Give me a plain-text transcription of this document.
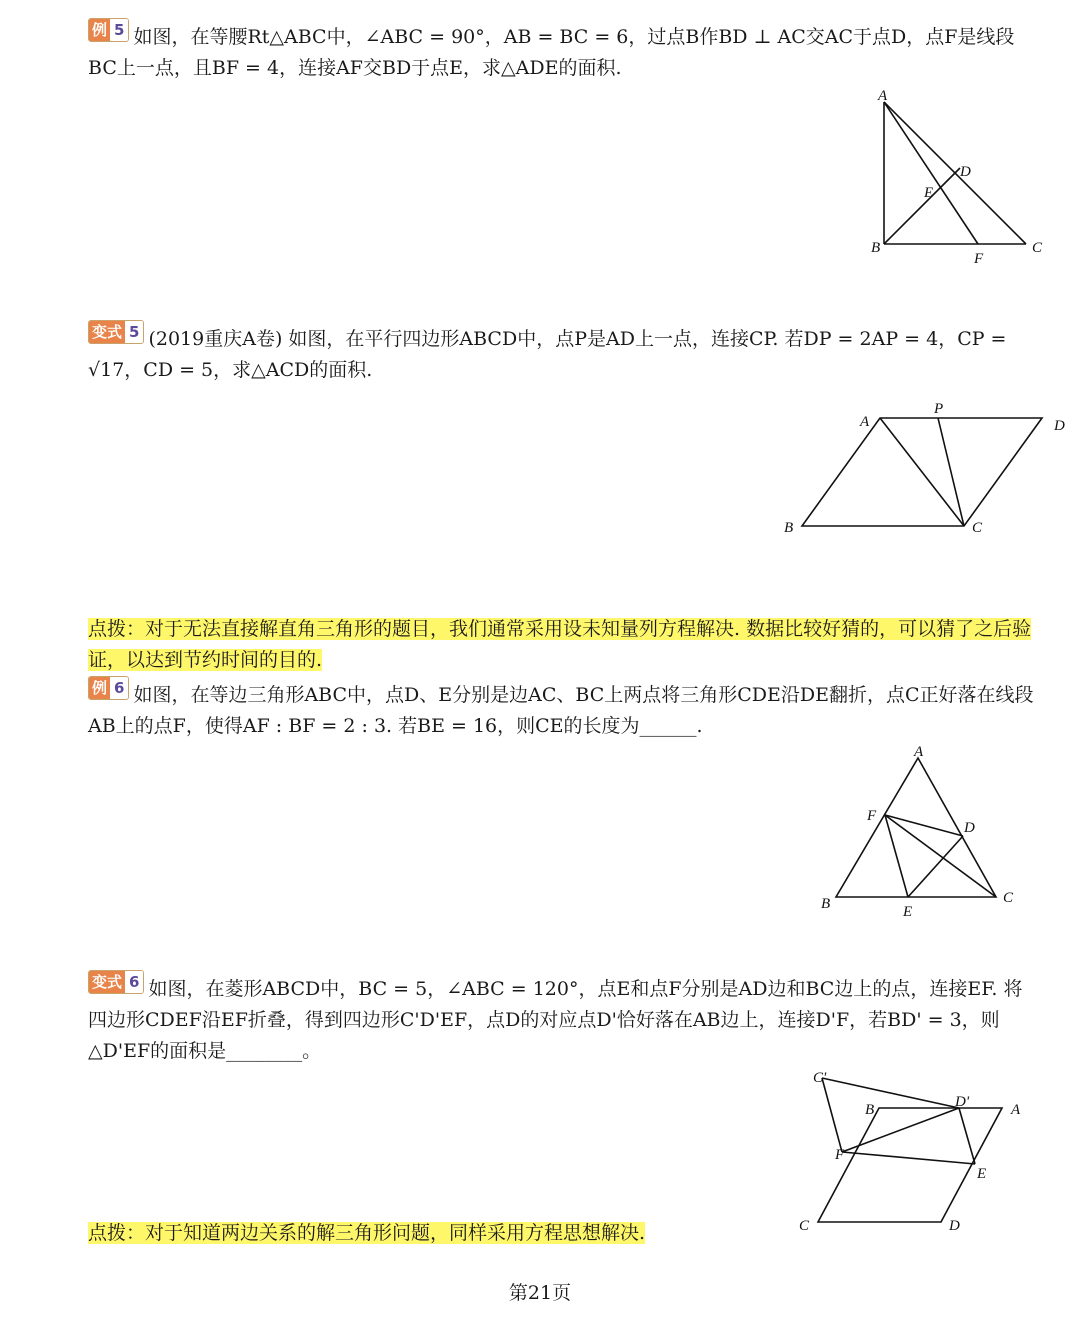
例 5 如图，在等腰Rt△ABC中，∠ABC = 90°，AB = BC = 6，过点B作BD ⊥ AC交AC于点D，点F是线段BC上一点，且BF = 4，连接AF交BD于点E，求△ADE的面积.
A
B	C
D
E
F
变式 5 (2019重庆A卷) 如图，在平行四边形ABCD中，点P是AD上一点，连接CP. 若DP = 2AP = 4，CP = √17，CD = 5，求△ACD的面积.
A
P
D
B	C
点拨：对于无法直接解直角三角形的题目，我们通常采用设未知量列方程解决. 数据比较好猜的，可以猜了之后验证，以达到节约时间的目的.
例 6 如图，在等边三角形ABC中，点D、E分别是边AC、BC上两点将三角形CDE沿DE翻折，点C正好落在线段AB上的点F，使得AF : BF = 2 : 3. 若BE = 16，则CE的长度为______.
A
F
D
B	E
C
变式 6 如图，在菱形ABCD中，BC = 5，∠ABC = 120°，点E和点F分别是AD边和BC边上的点，连接EF. 将四边形CDEF沿EF折叠，得到四边形C'D'EF，点D的对应点D'恰好落在AB边上，连接D'F，若BD' = 3，则△D'EF的面积是________。
C'
B	D'	A
F
E
C	D
点拨：对于知道两边关系的解三角形问题，同样采用方程思想解决.
第21页
